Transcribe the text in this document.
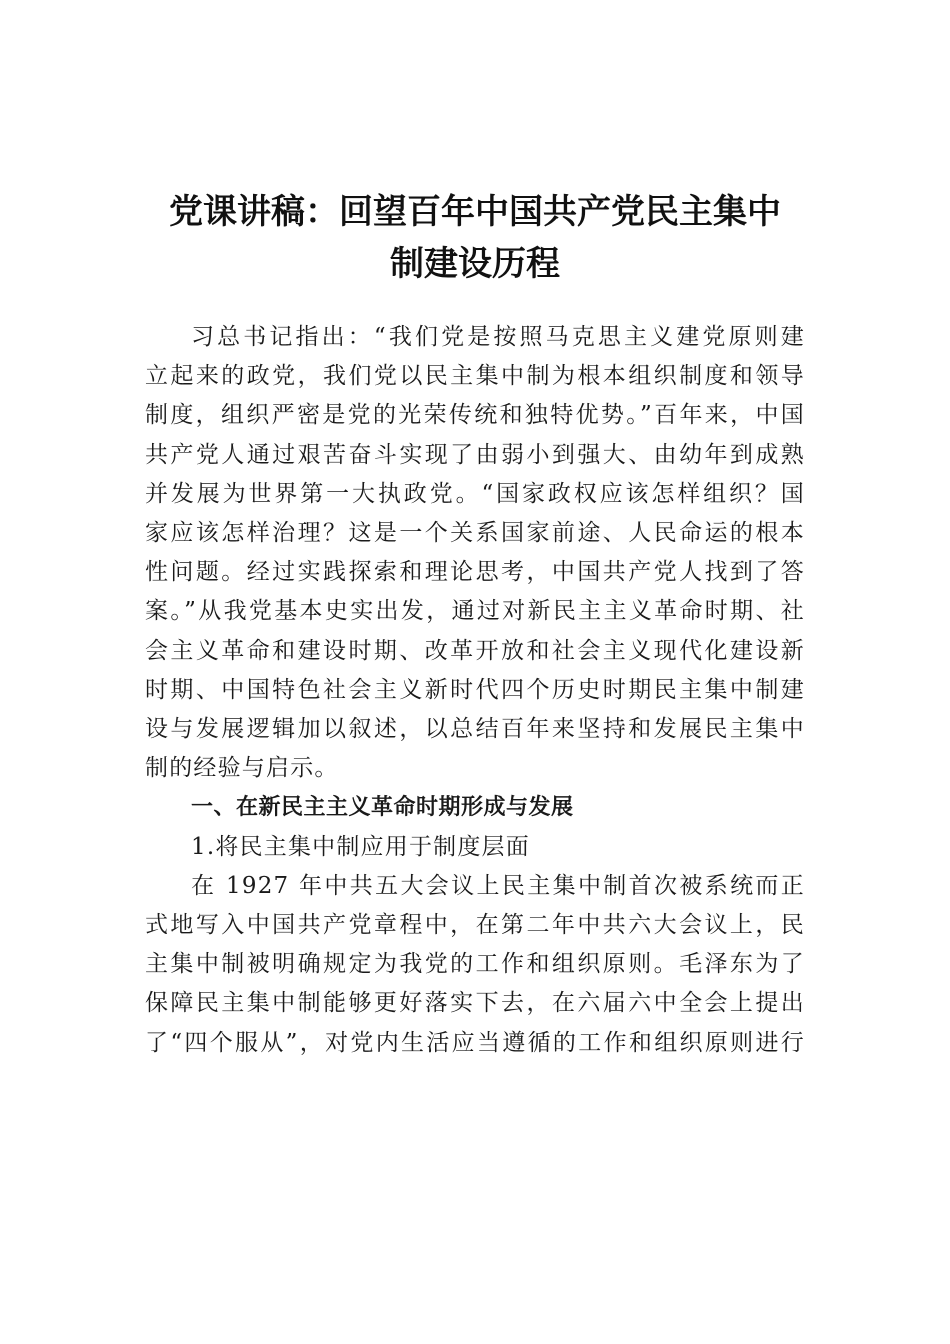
党课讲稿：回望百年中国共产党民主集中
制建设历程

习总书记指出：“我们党是按照马克思主义建党原则建
立起来的政党，我们党以民主集中制为根本组织制度和领导
制度，组织严密是党的光荣传统和独特优势。”百年来，中国
共产党人通过艰苦奋斗实现了由弱小到强大、由幼年到成熟
并发展为世界第一大执政党。“国家政权应该怎样组织？国
家应该怎样治理？这是一个关系国家前途、人民命运的根本
性问题。经过实践探索和理论思考，中国共产党人找到了答
案。”从我党基本史实出发，通过对新民主主义革命时期、社
会主义革命和建设时期、改革开放和社会主义现代化建设新
时期、中国特色社会主义新时代四个历史时期民主集中制建
设与发展逻辑加以叙述，以总结百年来坚持和发展民主集中
制的经验与启示。

一、在新民主主义革命时期形成与发展

1.将民主集中制应用于制度层面

在 1927 年中共五大会议上民主集中制首次被系统而正
式地写入中国共产党章程中，在第二年中共六大会议上，民
主集中制被明确规定为我党的工作和组织原则。毛泽东为了
保障民主集中制能够更好落实下去，在六届六中全会上提出
了“四个服从”，对党内生活应当遵循的工作和组织原则进行
